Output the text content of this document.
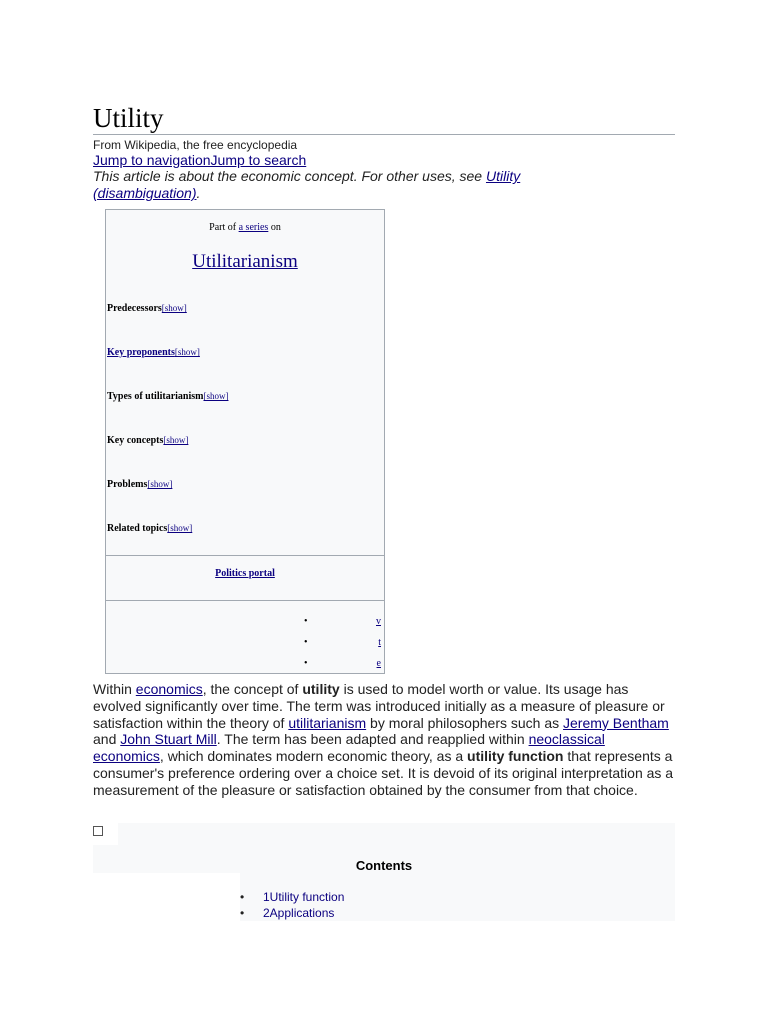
Utility
From Wikipedia, the free encyclopedia
Jump to navigationJump to search
This article is about the economic concept. For other uses, see Utility
(disambiguation).
Part of a series on
Utilitarianism
Predecessors[show]
Key proponents[show]
Types of utilitarianism[show]
Key concepts[show]
Problems[show]
Related topics[show]
Politics portal
•	v
•	t
•	e

Within economics, the concept of utility is used to model worth or value. Its usage has evolved significantly over time. The term was introduced initially as a measure of pleasure or satisfaction within the theory of utilitarianism by moral philosophers such as Jeremy Bentham and John Stuart Mill. The term has been adapted and reapplied within neoclassical economics, which dominates modern economic theory, as a utility function that represents a consumer's preference ordering over a choice set. It is devoid of its original interpretation as a measurement of the pleasure or satisfaction obtained by the consumer from that choice.

Contents
• 1Utility function
• 2Applications
